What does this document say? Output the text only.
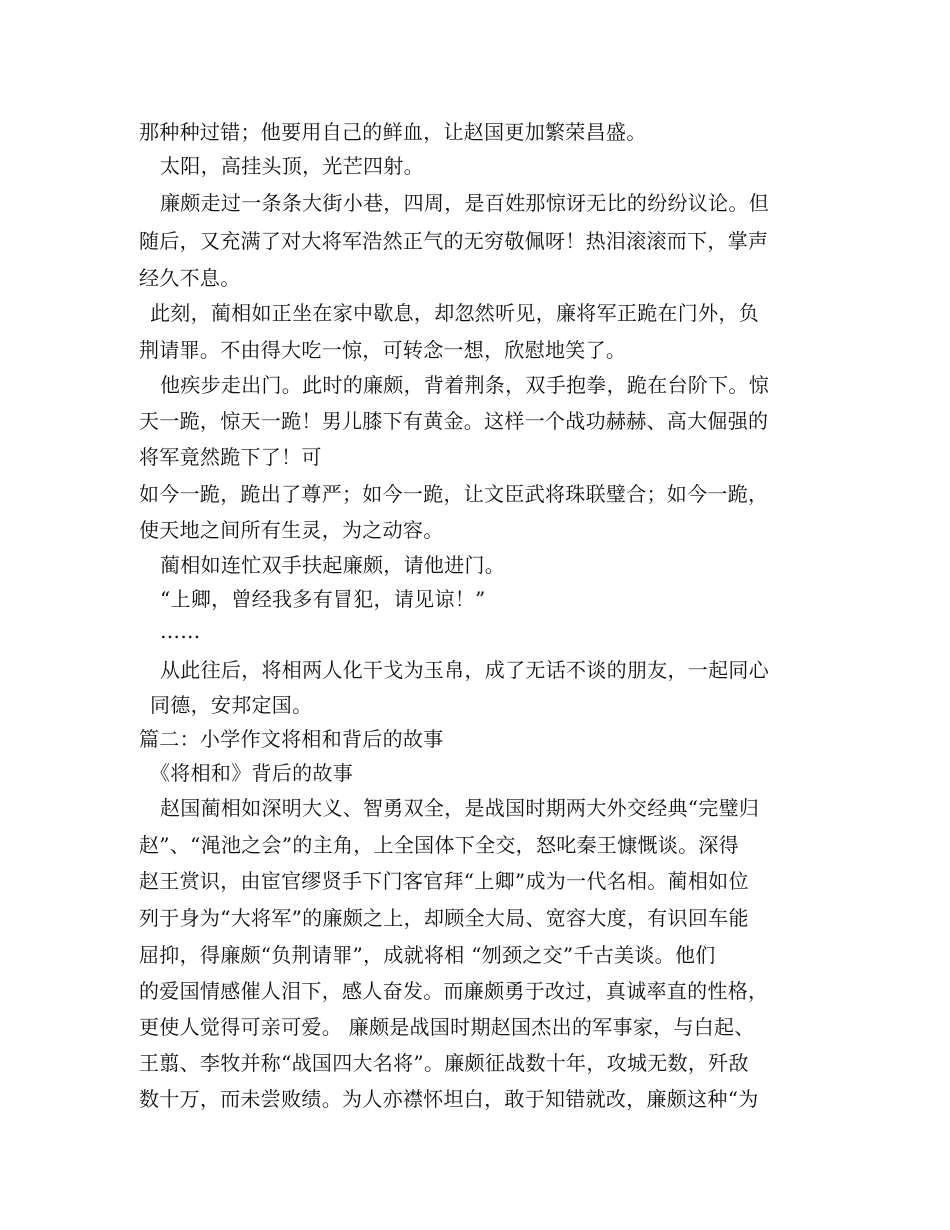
那种种过错；他要用自己的鲜血，让赵国更加繁荣昌盛。
太阳，高挂头顶，光芒四射。
廉颇走过一条条大街小巷，四周，是百姓那惊讶无比的纷纷议论。但
随后，又充满了对大将军浩然正气的无穷敬佩呀！热泪滚滚而下，掌声
经久不息。
此刻，蔺相如正坐在家中歇息，却忽然听见，廉将军正跪在门外，负
荆请罪。不由得大吃一惊，可转念一想，欣慰地笑了。
他疾步走出门。此时的廉颇，背着荆条，双手抱拳，跪在台阶下。惊
天一跪，惊天一跪！男儿膝下有黄金。这样一个战功赫赫、高大倔强的
将军竟然跪下了！可
如今一跪，跪出了尊严；如今一跪，让文臣武将珠联璧合；如今一跪，
使天地之间所有生灵，为之动容。
蔺相如连忙双手扶起廉颇，请他进门。
“上卿，曾经我多有冒犯，请见谅！”
……
从此往后，将相两人化干戈为玉帛，成了无话不谈的朋友，一起同心
同德，安邦定国。
篇二：小学作文将相和背后的故事
《将相和》背后的故事
赵国蔺相如深明大义、智勇双全，是战国时期两大外交经典“完璧归
赵”、“渑池之会”的主角，上全国体下全交，怒叱秦王慷慨谈。深得
赵王赏识，由宦官缪贤手下门客官拜“上卿”成为一代名相。蔺相如位
列于身为“大将军”的廉颇之上，却顾全大局、宽容大度，有识回车能
屈抑，得廉颇“负荆请罪”，成就将相 “刎颈之交”千古美谈。他们
的爱国情感催人泪下，感人奋发。而廉颇勇于改过，真诚率直的性格，
更使人觉得可亲可爱。 廉颇是战国时期赵国杰出的军事家，与白起、
王翦、李牧并称“战国四大名将”。廉颇征战数十年，攻城无数，歼敌
数十万，而未尝败绩。为人亦襟怀坦白，敢于知错就改，廉颇这种“为
